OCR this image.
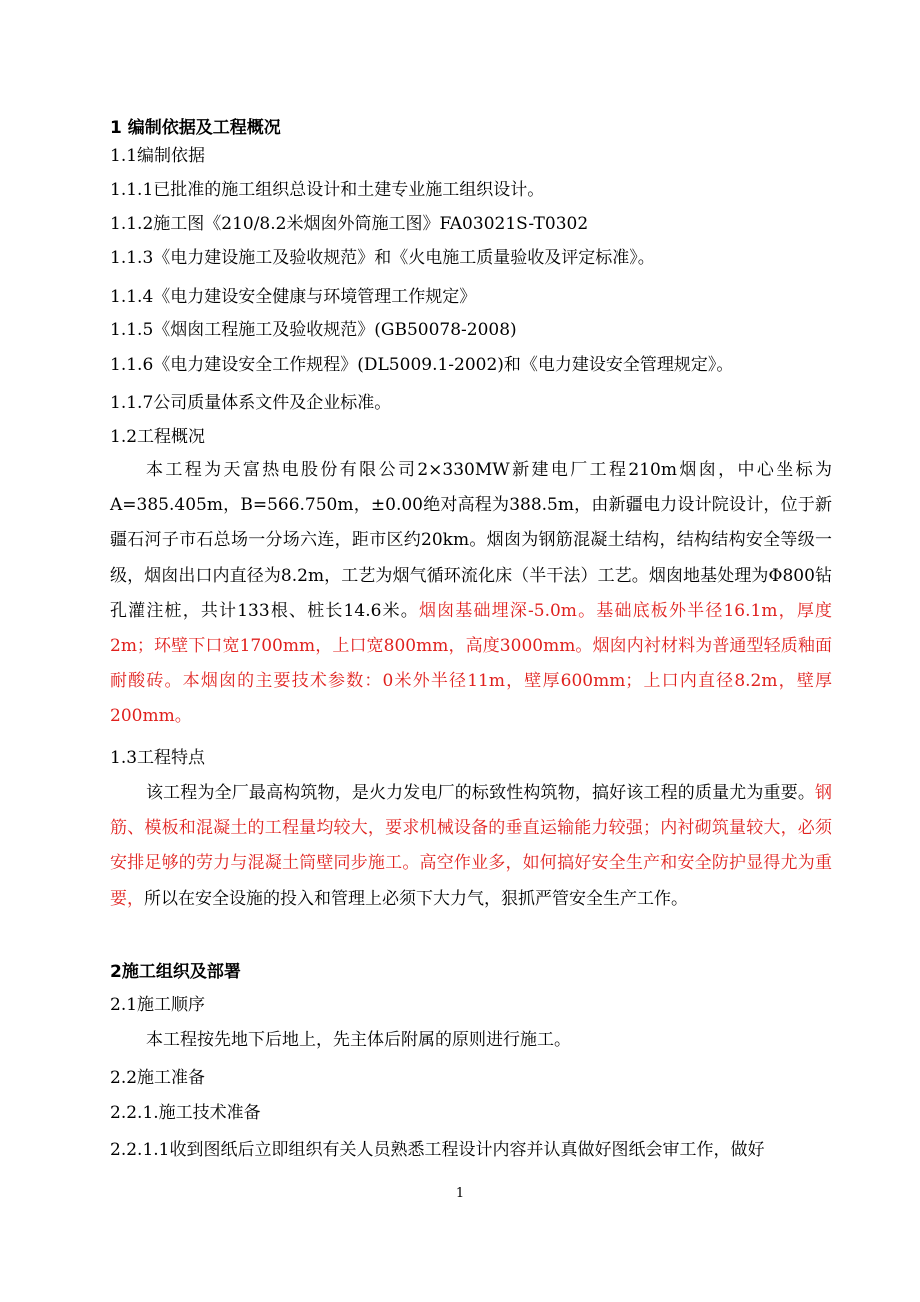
1 编制依据及工程概况
1.1编制依据
1.1.1已批准的施工组织总设计和土建专业施工组织设计。
1.1.2施工图《210/8.2米烟囱外筒施工图》FA03021S-T0302
1.1.3《电力建设施工及验收规范》和《火电施工质量验收及评定标准》。
1.1.4《电力建设安全健康与环境管理工作规定》
1.1.5《烟囱工程施工及验收规范》(GB50078-2008)
1.1.6《电力建设安全工作规程》(DL5009.1-2002)和《电力建设安全管理规定》。
1.1.7公司质量体系文件及企业标准。
1.2工程概况
本工程为天富热电股份有限公司2×330MW新建电厂工程210m烟囱，中心坐标为A=385.405m，B=566.750m，±0.00绝对高程为388.5m，由新疆电力设计院设计，位于新疆石河子市石总场一分场六连，距市区约20km。烟囱为钢筋混凝土结构，结构结构安全等级一级，烟囱出口内直径为8.2m，工艺为烟气循环流化床（半干法）工艺。烟囱地基处理为Φ800钻孔灌注桩，共计133根、桩长14.6米。烟囱基础埋深-5.0m。基础底板外半径16.1m，厚度2m；环壁下口宽1700mm，上口宽800mm，高度3000mm。烟囱内衬材料为普通型轻质釉面耐酸砖。本烟囱的主要技术参数：0米外半径11m，壁厚600mm；上口内直径8.2m，壁厚200mm。
1.3工程特点
该工程为全厂最高构筑物，是火力发电厂的标致性构筑物，搞好该工程的质量尤为重要。钢筋、模板和混凝土的工程量均较大，要求机械设备的垂直运输能力较强；内衬砌筑量较大，必须安排足够的劳力与混凝土筒壁同步施工。高空作业多，如何搞好安全生产和安全防护显得尤为重要，所以在安全设施的投入和管理上必须下大力气，狠抓严管安全生产工作。
2施工组织及部署
2.1施工顺序
本工程按先地下后地上，先主体后附属的原则进行施工。
2.2施工准备
2.2.1.施工技术准备
2.2.1.1收到图纸后立即组织有关人员熟悉工程设计内容并认真做好图纸会审工作，做好
1
